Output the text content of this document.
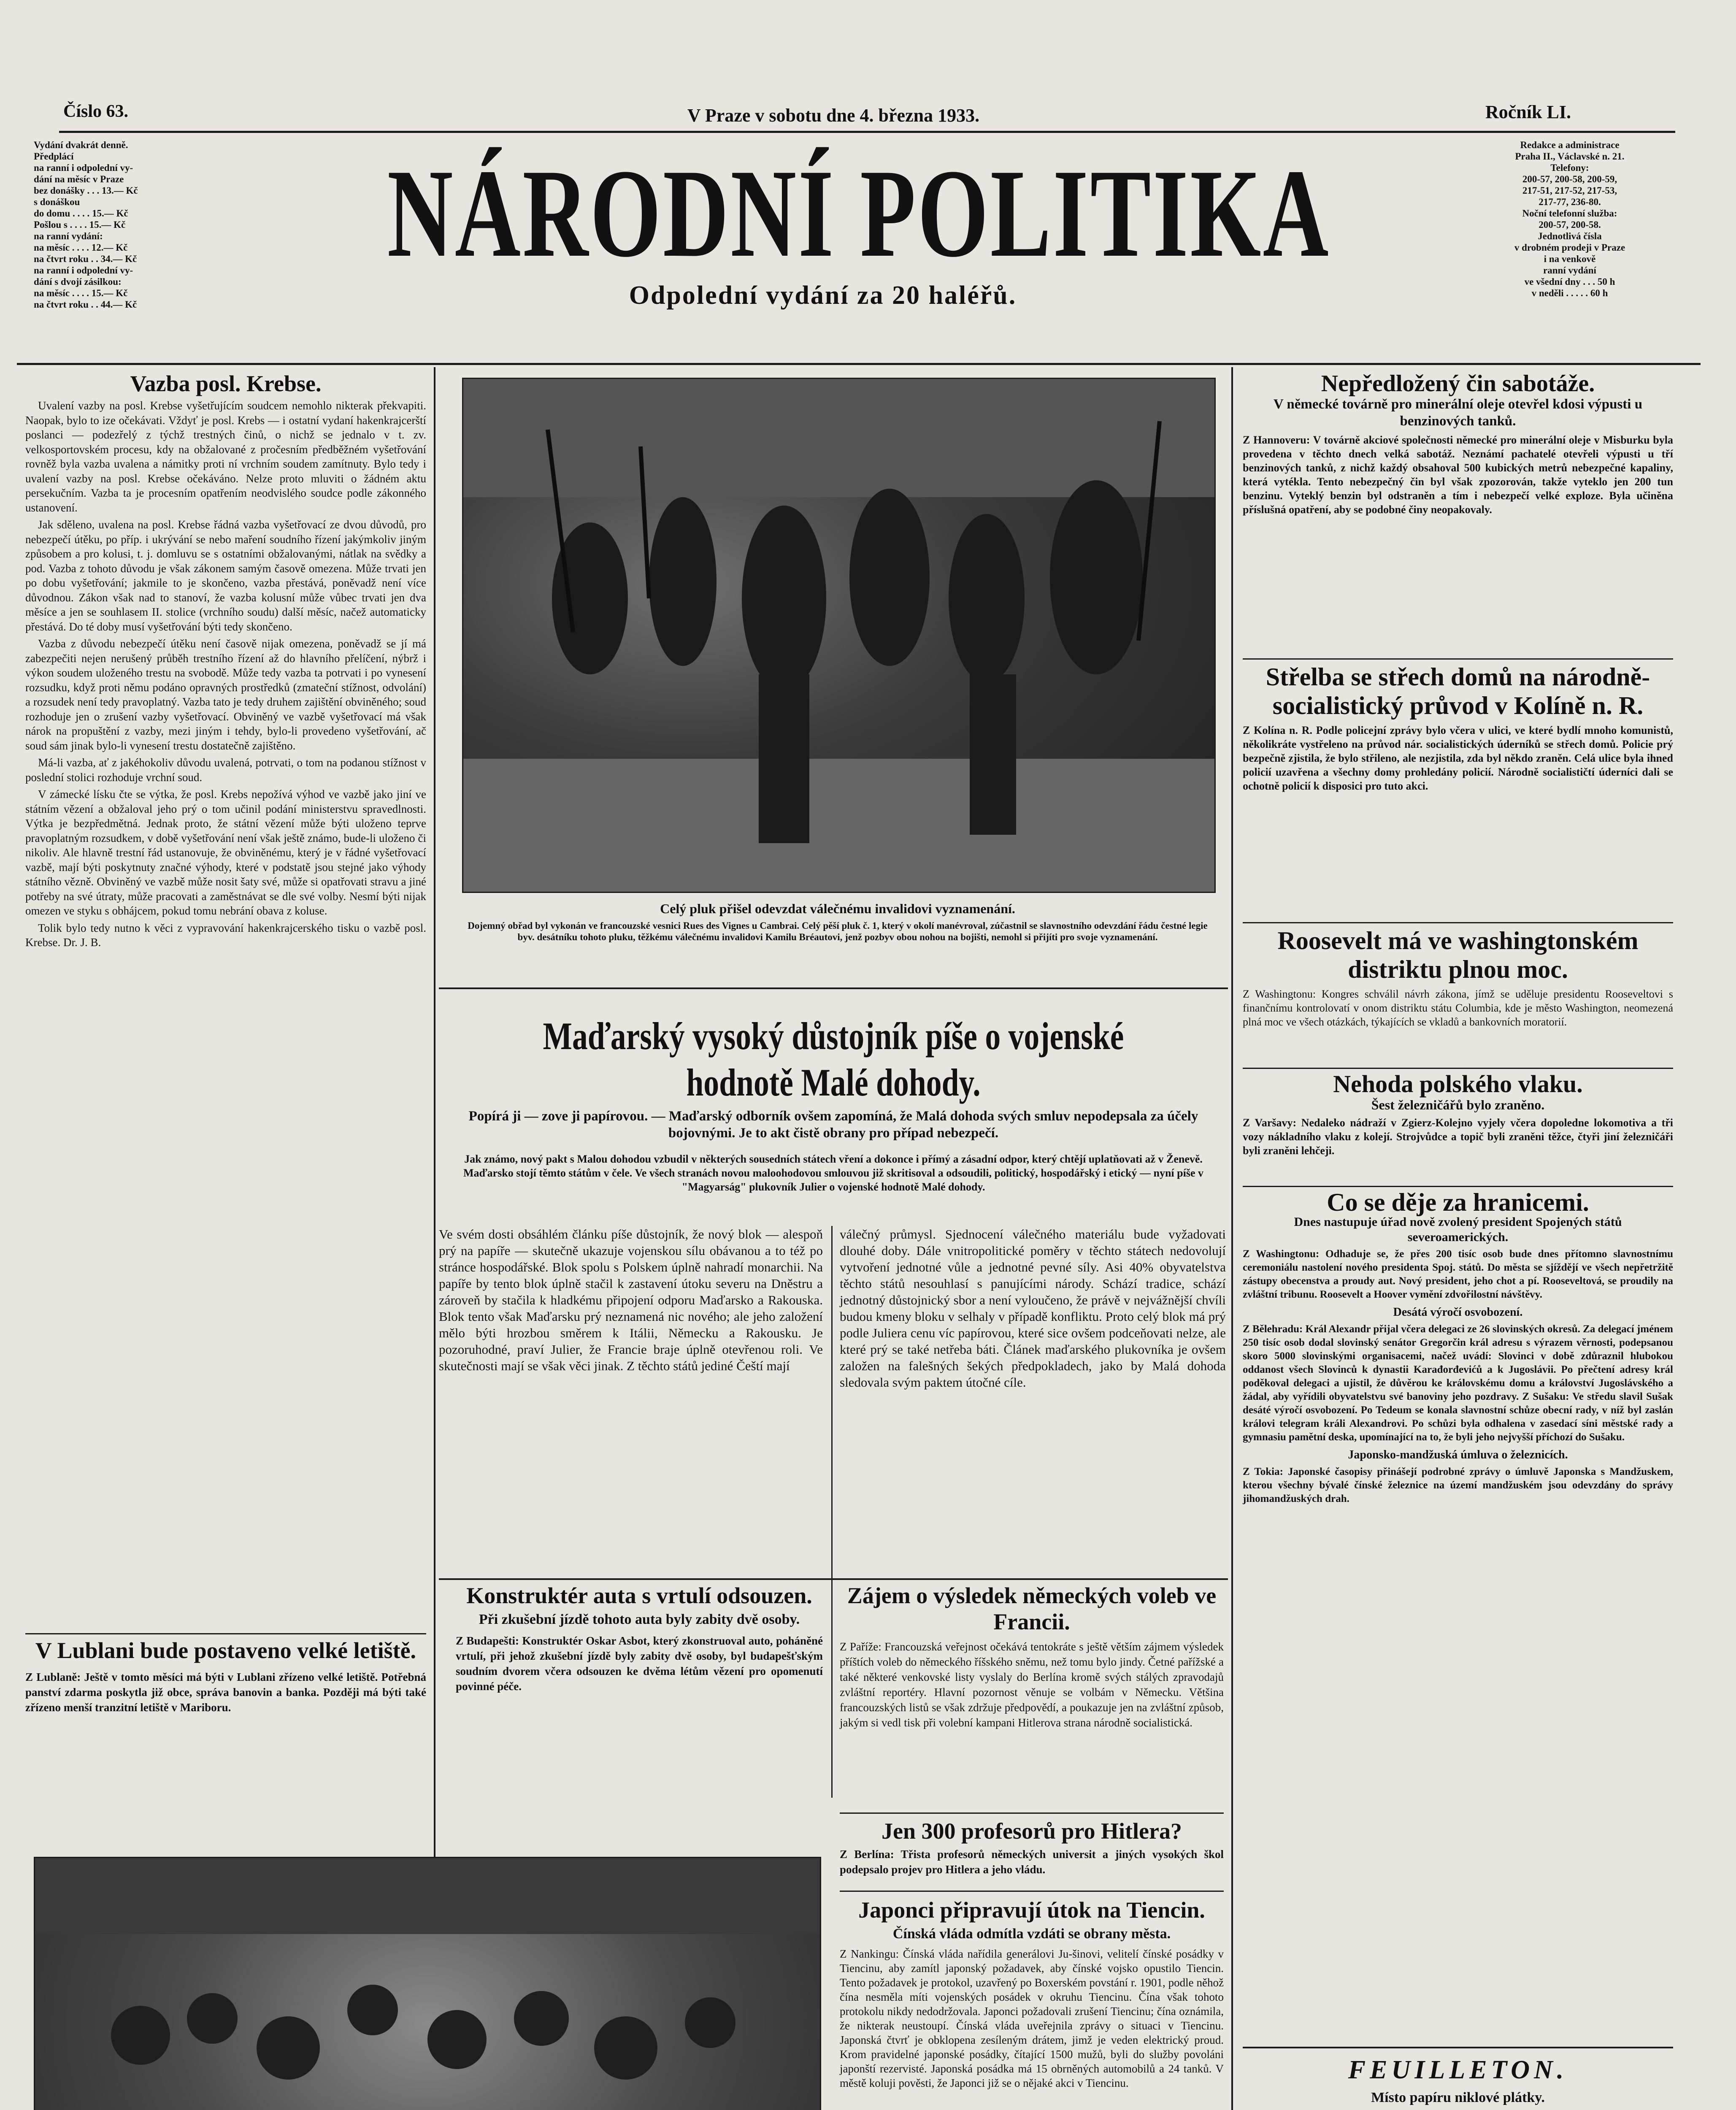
Číslo 63.	V Praze v sobotu dne 4. března 1933.	Ročník LI.
Vydání dvakrát denně.
Předplácí
na ranní i odpolední vy-
dání na měsíc v Praze
bez donášky . . . 13.— Kč
s donáškou
do domu . . . . 15.— Kč
Pošlou s . . . . 15.— Kč
na ranní vydání:
na měsíc . . . . 12.— Kč
na čtvrt roku . . 34.— Kč
na ranní i odpolední vy-
dání s dvojí zásilkou:
na měsíc . . . . 15.— Kč
na čtvrt roku . . 44.— Kč
Redakce a administrace
Praha II., Václavské n. 21.
Telefony:
200-57, 200-58, 200-59,
217-51, 217-52, 217-53,
217-77, 236-80.
Noční telefonní služba:
200-57, 200-58.
Jednotlivá čísla
v drobném prodeji v Praze
i na venkově
ranní vydání
ve všední dny . . . 50 h
v neděli . . . . . 60 h
NÁRODNÍ POLITIKA
Odpolední vydání za 20 haléřů.
Vazba posl. Krebse.

Uvalení vazby na posl. Krebse vyšetřujícím soudcem nemohlo nikterak překvapiti. Naopak, bylo to ize očekávati. Vždyť je posl. Krebs — i ostatní vydaní hakenkrajcerští poslanci — podezřelý z týchž trestných činů, o nichž se jednalo v t. zv. velkosportovském procesu, kdy na obžalované z pročesním předběžném vyšetřování rovněž byla vazba uvalena a námitky proti ní vrchním soudem zamítnuty. Bylo tedy i uvalení vazby na posl. Krebse očekáváno. Nelze proto mluviti o žádném aktu persekučním. Vazba ta je procesním opatřením neodvislého soudce podle zákonného ustanovení.

Jak sděleno, uvalena na posl. Krebse řádná vazba vyšetřovací ze dvou důvodů, pro nebezpečí útěku, po příp. i ukrývání se nebo maření soudního řízení jakýmkoliv jiným způsobem a pro kolusi, t. j. domluvu se s ostatními obžalovanými, nátlak na svědky a pod. Vazba z tohoto důvodu je však zákonem samým časově omezena. Může trvati jen po dobu vyšetřování; jakmile to je skončeno, vazba přestává, poněvadž není více důvodnou. Zákon však nad to stanoví, že vazba kolusní může vůbec trvati jen dva měsíce a jen se souhlasem II. stolice (vrchního soudu) další měsíc, načež automaticky přestává. Do té doby musí vyšetřování býti tedy skončeno.

Vazba z důvodu nebezpečí útěku není časově nijak omezena, poněvadž se jí má zabezpečiti nejen nerušený průběh trestního řízení až do hlavního přelíčení, nýbrž i výkon soudem uloženého trestu na svobodě. Může tedy vazba ta potrvati i po vynesení rozsudku, když proti němu podáno opravných prostředků (zmateční stížnost, odvolání) a rozsudek není tedy pravoplatný. Vazba tato je tedy druhem zajištění obviněného; soud rozhoduje jen o zrušení vazby vyšetřovací. Obviněný ve vazbě vyšetřovací má však nárok na propuštění z vazby, mezi jiným i tehdy, bylo-li provedeno vyšetřování, ač soud sám jinak bylo-li vynesení trestu dostatečně zajištěno.

Má-li vazba, ať z jakéhokoliv důvodu uvalená, potrvati, o tom na podanou stížnost v poslední stolici rozhoduje vrchní soud.

V zámecké lísku čte se výtka, že posl. Krebs nepožívá výhod ve vazbě jako jiní ve státním vězení a obžaloval jeho prý o tom učinil podání ministerstvu spravedlnosti. Výtka je bezpředmětná. Jednak proto, že státní vězení může býti uloženo teprve pravoplatným rozsudkem, v době vyšetřování není však ještě známo, bude-li uloženo či nikoliv. Ale hlavně trestní řád ustanovuje, že obviněnému, který je v řádné vyšetřovací vazbě, mají býti poskytnuty značné výhody, které v podstatě jsou stejné jako výhody státního vězně. Obviněný ve vazbě může nosit šaty své, může si opatřovati stravu a jiné potřeby na své útraty, může pracovati a zaměstnávat se dle své volby. Nesmí býti nijak omezen ve styku s obhájcem, pokud tomu nebrání obava z koluse.

Tolik bylo tedy nutno k věci z vypravování hakenkrajcerského tisku o vazbě posl. Krebse. Dr. J. B.

V Lublani bude postaveno velké letiště.
Z Lublaně: Ještě v tomto měsíci má býti v Lublani zřízeno velké letiště. Potřebná panství zdarma poskytla již obce, správa banovin a banka. Později má býti také zřízeno menší tranzitní letiště v Mariboru.
Celý pluk přišel odevzdat válečnému invalidovi vyznamenání.
Dojemný obřad byl vykonán ve francouzské vesnici Rues des Vignes u Cambrai. Celý pěší pluk č. 1, který v okolí manévroval, zúčastnil se slavnostního odevzdání řádu čestné legie byv. desátníku tohoto pluku, těžkému válečnému invalidovi Kamilu Bréautovi, jenž pozbyv obou nohou na bojišti, nemohl si přijíti pro svoje vyznamenání.
Maďarský vysoký důstojník píše o vojenské hodnotě Malé dohody.
Popírá ji — zove ji papírovou. — Maďarský odborník ovšem zapomíná, že Malá dohoda svých smluv nepodepsala za účely bojovnými. Je to akt čistě obrany pro případ nebezpečí.
Jak známo, nový pakt s Malou dohodou vzbudil v některých sousedních státech vření a dokonce i přímý a zásadní odpor, který chtějí uplatňovati až v Ženevě. Maďarsko stojí těmto státům v čele. Ve všech stranách novou maloohodovou smlouvou již skritisoval a odsoudili, politický, hospodářský i etický — nyní píše v "Magyarság" plukovník Julier o vojenské hodnotě Malé dohody.
Ve svém dosti obsáhlém článku píše důstojník, že nový blok — alespoň prý na papíře — skutečně ukazuje vojenskou sílu obávanou a to též po stránce hospodářské. Blok spolu s Polskem úplně nahradí monarchii. Na papíře by tento blok úplně stačil k zastavení útoku severu na Dněstru a zároveň by stačila k hladkému připojení odporu Maďarsko a Rakouska. Blok tento však Maďarsku prý neznamená nic nového; ale jeho založení mělo býti hrozbou směrem k Itálii, Německu a Rakousku. Je pozoruhodné, praví Julier, že Francie braje úplně otevřenou roli. Ve skutečnosti mají se však věci jinak. Z těchto států jediné Čeští mají
válečný průmysl. Sjednocení válečného materiálu bude vyžadovati dlouhé doby. Dále vnitropolitické poměry v těchto státech nedovolují vytvoření jednotné vůle a jednotné pevné síly. Asi 40% obyvatelstva těchto států nesouhlasí s panujícími národy. Schází tradice, schází jednotný důstojnický sbor a není vyloučeno, že právě v nejvážnější chvíli budou kmeny bloku v selhaly v případě konfliktu. Proto celý blok má prý podle Juliera cenu víc papírovou, které sice ovšem podceňovati nelze, ale které prý se také netřeba báti. Článek maďarského plukovníka je ovšem založen na falešných šekých předpokladech, jako by Malá dohoda sledovala svým paktem útočné cíle.
Konstruktér auta s vrtulí odsouzen.
Při zkušební jízdě tohoto auta byly zabity dvě osoby.
Z Budapešti: Konstruktér Oskar Asbot, který zkonstruoval auto, poháněné vrtulí, při jehož zkušební jízdě byly zabity dvě osoby, byl budapešťským soudním dvorem včera odsouzen ke dvěma létům vězení pro opomenutí povinné péče.
Zájem o výsledek německých voleb ve Francii.
Z Paříže: Francouzská veřejnost očekává tentokráte s ještě větším zájmem výsledek příštích voleb do německého říšského sněmu, než tomu bylo jindy. Četné pařížské a také některé venkovské listy vyslaly do Berlína kromě svých stálých zpravodajů zvláštní reportéry. Hlavní pozornost věnuje se volbám v Německu. Většina francouzských listů se však zdržuje předpovědí, a poukazuje jen na zvláštní způsob, jakým si vedl tisk při volební kampani Hitlerova strana národně socialistická.
Jen 300 profesorů pro Hitlera?
Z Berlína: Třista profesorů německých universit a jiných vysokých škol podepsalo projev pro Hitlera a jeho vládu.
Japonci připravují útok na Tiencin.
Čínská vláda odmítla vzdáti se obrany města.
Z Nankingu: Čínská vláda nařídila generálovi Ju-šinovi, velitelí čínské posádky v Tiencinu, aby zamítl japonský požadavek, aby čínské vojsko opustilo Tiencin. Tento požadavek je protokol, uzavřený po Boxerském povstání r. 1901, podle něhož čína nesměla míti vojenských posádek v okruhu Tiencinu. Čína však tohoto protokolu nikdy nedodržovala. Japonci požadovali zrušení Tiencinu; čína oznámila, že nikterak neustoupí. Čínská vláda uveřejnila zprávy o situaci v Tiencinu. Japonská čtvrť je obklopena zesíleným drátem, jimž je veden elektrický proud. Krom pravidelné japonské posádky, čítající 1500 mužů, byli do služby povoláni japonští rezervisté. Japonská posádka má 15 obrněných automobilů a 24 tanků. V městě koluji pověsti, že Japonci již se o nějaké akci v Tiencinu.
Nepředložený čin sabotáže.
V německé továrně pro minerální oleje otevřel kdosi výpusti u benzinových tanků.
Z Hannoveru: V továrně akciové společnosti německé pro minerální oleje v Misburku byla provedena v těchto dnech velká sabotáž. Neznámí pachatelé otevřeli výpusti u tří benzinových tanků, z nichž každý obsahoval 500 kubických metrů nebezpečné kapaliny, která vytékla. Tento nebezpečný čin byl však zpozorován, takže vyteklo jen 200 tun benzinu. Vyteklý benzin byl odstraněn a tím i nebezpečí velké exploze. Byla učiněna příslušná opatření, aby se podobné činy neopakovaly.
Střelba se střech domů na národně-socialistický průvod v Kolíně n. R.
Z Kolína n. R. Podle policejní zprávy bylo včera v ulici, ve které bydlí mnoho komunistů, několikráte vystřeleno na průvod nár. socialistických úderníků se střech domů. Policie prý bezpečně zjistila, že bylo střileno, ale nezjistila, zda byl někdo zraněn. Celá ulice byla ihned policií uzavřena a všechny domy prohledány policií. Národně socialističtí úderníci dali se ochotně policií k disposici pro tuto akci.
Roosevelt má ve washingtonském distriktu plnou moc.
Z Washingtonu: Kongres schválil návrh zákona, jímž se uděluje presidentu Rooseveltovi s finančnímu kontrolovatí v onom distriktu státu Columbia, kde je město Washington, neomezená plná moc ve všech otázkách, týkajících se vkladů a bankovních moratorií.
Nehoda polského vlaku.
Šest železničářů bylo zraněno.
Z Varšavy: Nedaleko nádraží v Zgierz-Kolejno vyjely včera dopoledne lokomotiva a tři vozy nákladního vlaku z kolejí. Strojvůdce a topič byli zraněni těžce, čtyři jiní železničáři byli zraněni lehčeji.
Co se děje za hranicemi.
Dnes nastupuje úřad nově zvolený president Spojených států severoamerických.
Z Washingtonu: Odhaduje se, že přes 200 tisíc osob bude dnes přítomno slavnostnímu ceremoniálu nastolení nového presidenta Spoj. států. Do města se sjíždějí ve všech nepřetržitě zástupy obecenstva a proudy aut. Nový president, jeho chot a pí. Rooseveltová, se proudily na zvláštní tribunu. Roosevelt a Hoover vymění zdvořilostní návštěvy.
Desátá výročí osvobození.
Z Bělehradu: Král Alexandr přijal včera delegaci ze 26 slovinských okresů. Za delegací jménem 250 tisíc osob dodal slovinský senátor Gregorčin král adresu s výrazem věrnosti, podepsanou skoro 5000 slovinskými organisacemi, načež uvádí: Slovinci v době zdůraznil hlubokou oddanost všech Slovinců k dynastii Karađorđevićů a k Jugoslávii. Po přečtení adresy král poděkoval delegaci a ujistil, že důvěrou ke královskému domu a království Jugoslávského a žádal, aby vyřídili obyvatelstvu své banoviny jeho pozdravy. Z Sušaku: Ve středu slavil Sušak desáté výročí osvobození. Po Tedeum se konala slavnostní schůze obecní rady, v níž byl zaslán královi telegram králi Alexandrovi. Po schůzi byla odhalena v zasedací síni městské rady a gymnasiu pamětní deska, upomínající na to, že byli jeho nejvyšší příchozí do Sušaku.
Japonsko-mandžuská úmluva o železnicích.
Z Tokia: Japonské časopisy přinášejí podrobné zprávy o úmluvě Japonska s Mandžuskem, kterou všechny bývalé čínské železnice na území mandžuském jsou odevzdány do správy jihomandžuských drah.
FEUILLETON.
Místo papíru niklové plátky.
